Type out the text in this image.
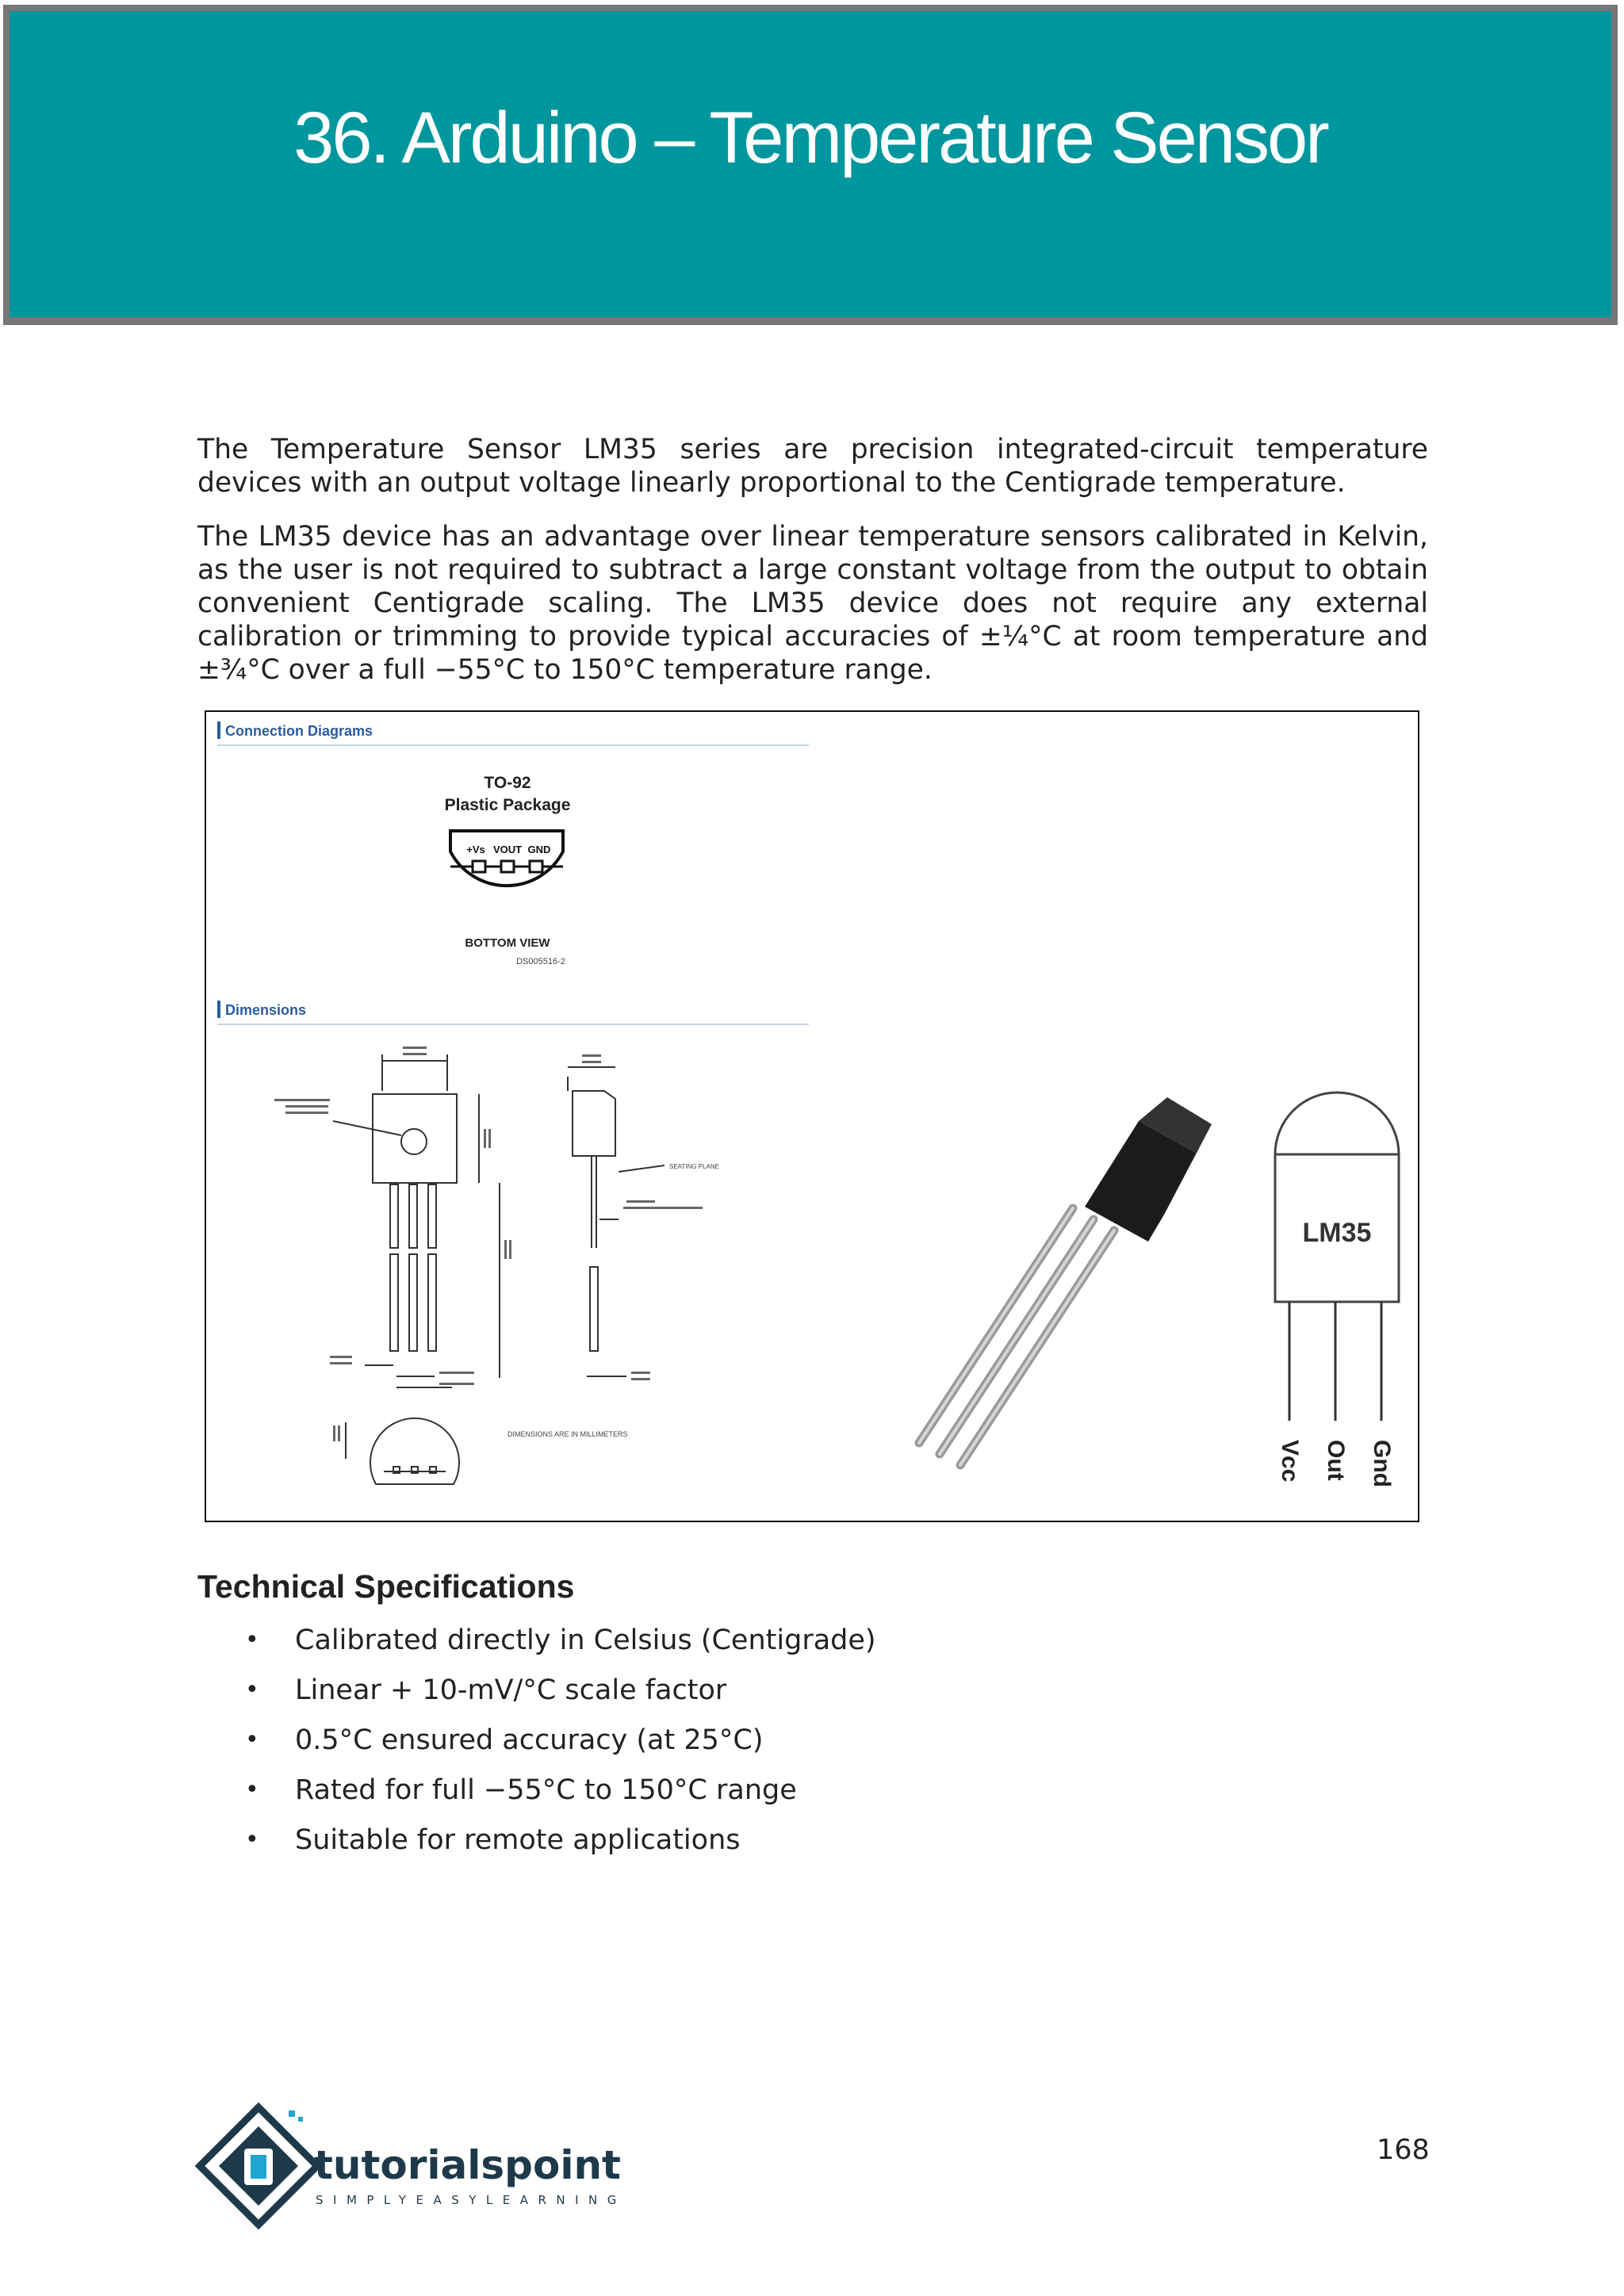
36. Arduino – Temperature Sensor

The Temperature Sensor LM35 series are precision integrated-circuit temperature devices with an output voltage linearly proportional to the Centigrade temperature.

The LM35 device has an advantage over linear temperature sensors calibrated in Kelvin, as the user is not required to subtract a large constant voltage from the output to obtain convenient Centigrade scaling. The LM35 device does not require any external calibration or trimming to provide typical accuracies of ±¼°C at room temperature and ±¾°C over a full −55°C to 150°C temperature range.

Connection Diagrams
TO-92
Plastic Package
+Vs VOUT GND
BOTTOM VIEW
DS005516-2
Dimensions
SEATING PLANE
DIMENSIONS ARE IN MILLIMETERS
LM35
Vcc Out Gnd
Technical Specifications
• Calibrated directly in Celsius (Centigrade)
• Linear + 10-mV/°C scale factor
• 0.5°C ensured accuracy (at 25°C)
• Rated for full −55°C to 150°C range
• Suitable for remote applications
tutorialspoint
SIMPLYEASYLEARNING
168
